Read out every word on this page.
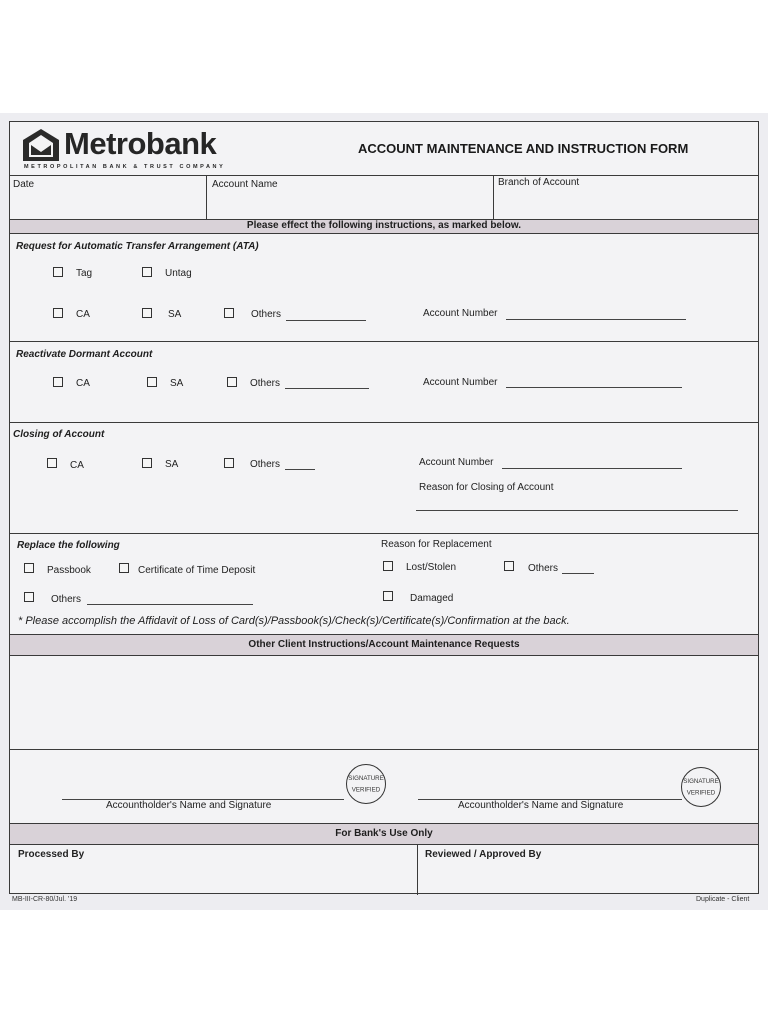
Metrobank
METROPOLITAN BANK & TRUST COMPANY
ACCOUNT MAINTENANCE AND INSTRUCTION FORM
Date	Account Name	Branch of Account
Please effect the following instructions, as marked below.
Request for Automatic Transfer Arrangement (ATA)
Tag	Untag
CA	SA	Others	Account Number
Reactivate Dormant Account
CA	SA	Others	Account Number
Closing of Account
CA	SA	Others	Account Number
Reason for Closing of Account
Replace the following
Passbook	Certificate of Time Deposit
Others
Reason for Replacement
Lost/Stolen	Others
Damaged
* Please accomplish the Affidavit of Loss of Card(s)/Passbook(s)/Check(s)/Certificate(s)/Confirmation at the back.
Other Client Instructions/Account Maintenance Requests
Accountholder's Name and Signature
SIGNATURE
VERIFIED
Accountholder's Name and Signature
SIGNATURE
VERIFIED
For Bank's Use Only
Processed By	Reviewed / Approved By
MB-III-CR-80/Jul. '19	Duplicate - Client
